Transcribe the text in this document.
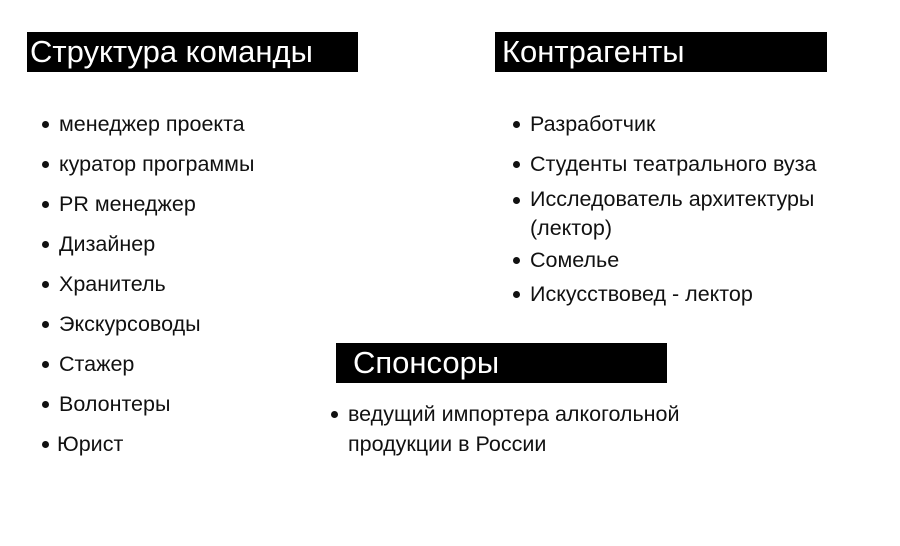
Структура команды
менеджер проекта
куратор программы
PR менеджер
Дизайнер
Хранитель
Экскурсоводы
Стажер
Волонтеры
Юрист
Контрагенты
Разработчик
Студенты театрального вуза
Исследователь архитектуры (лектор)
Сомелье
Искусствовед - лектор
Спонсоры
ведущий импортера алкогольной продукции в России
